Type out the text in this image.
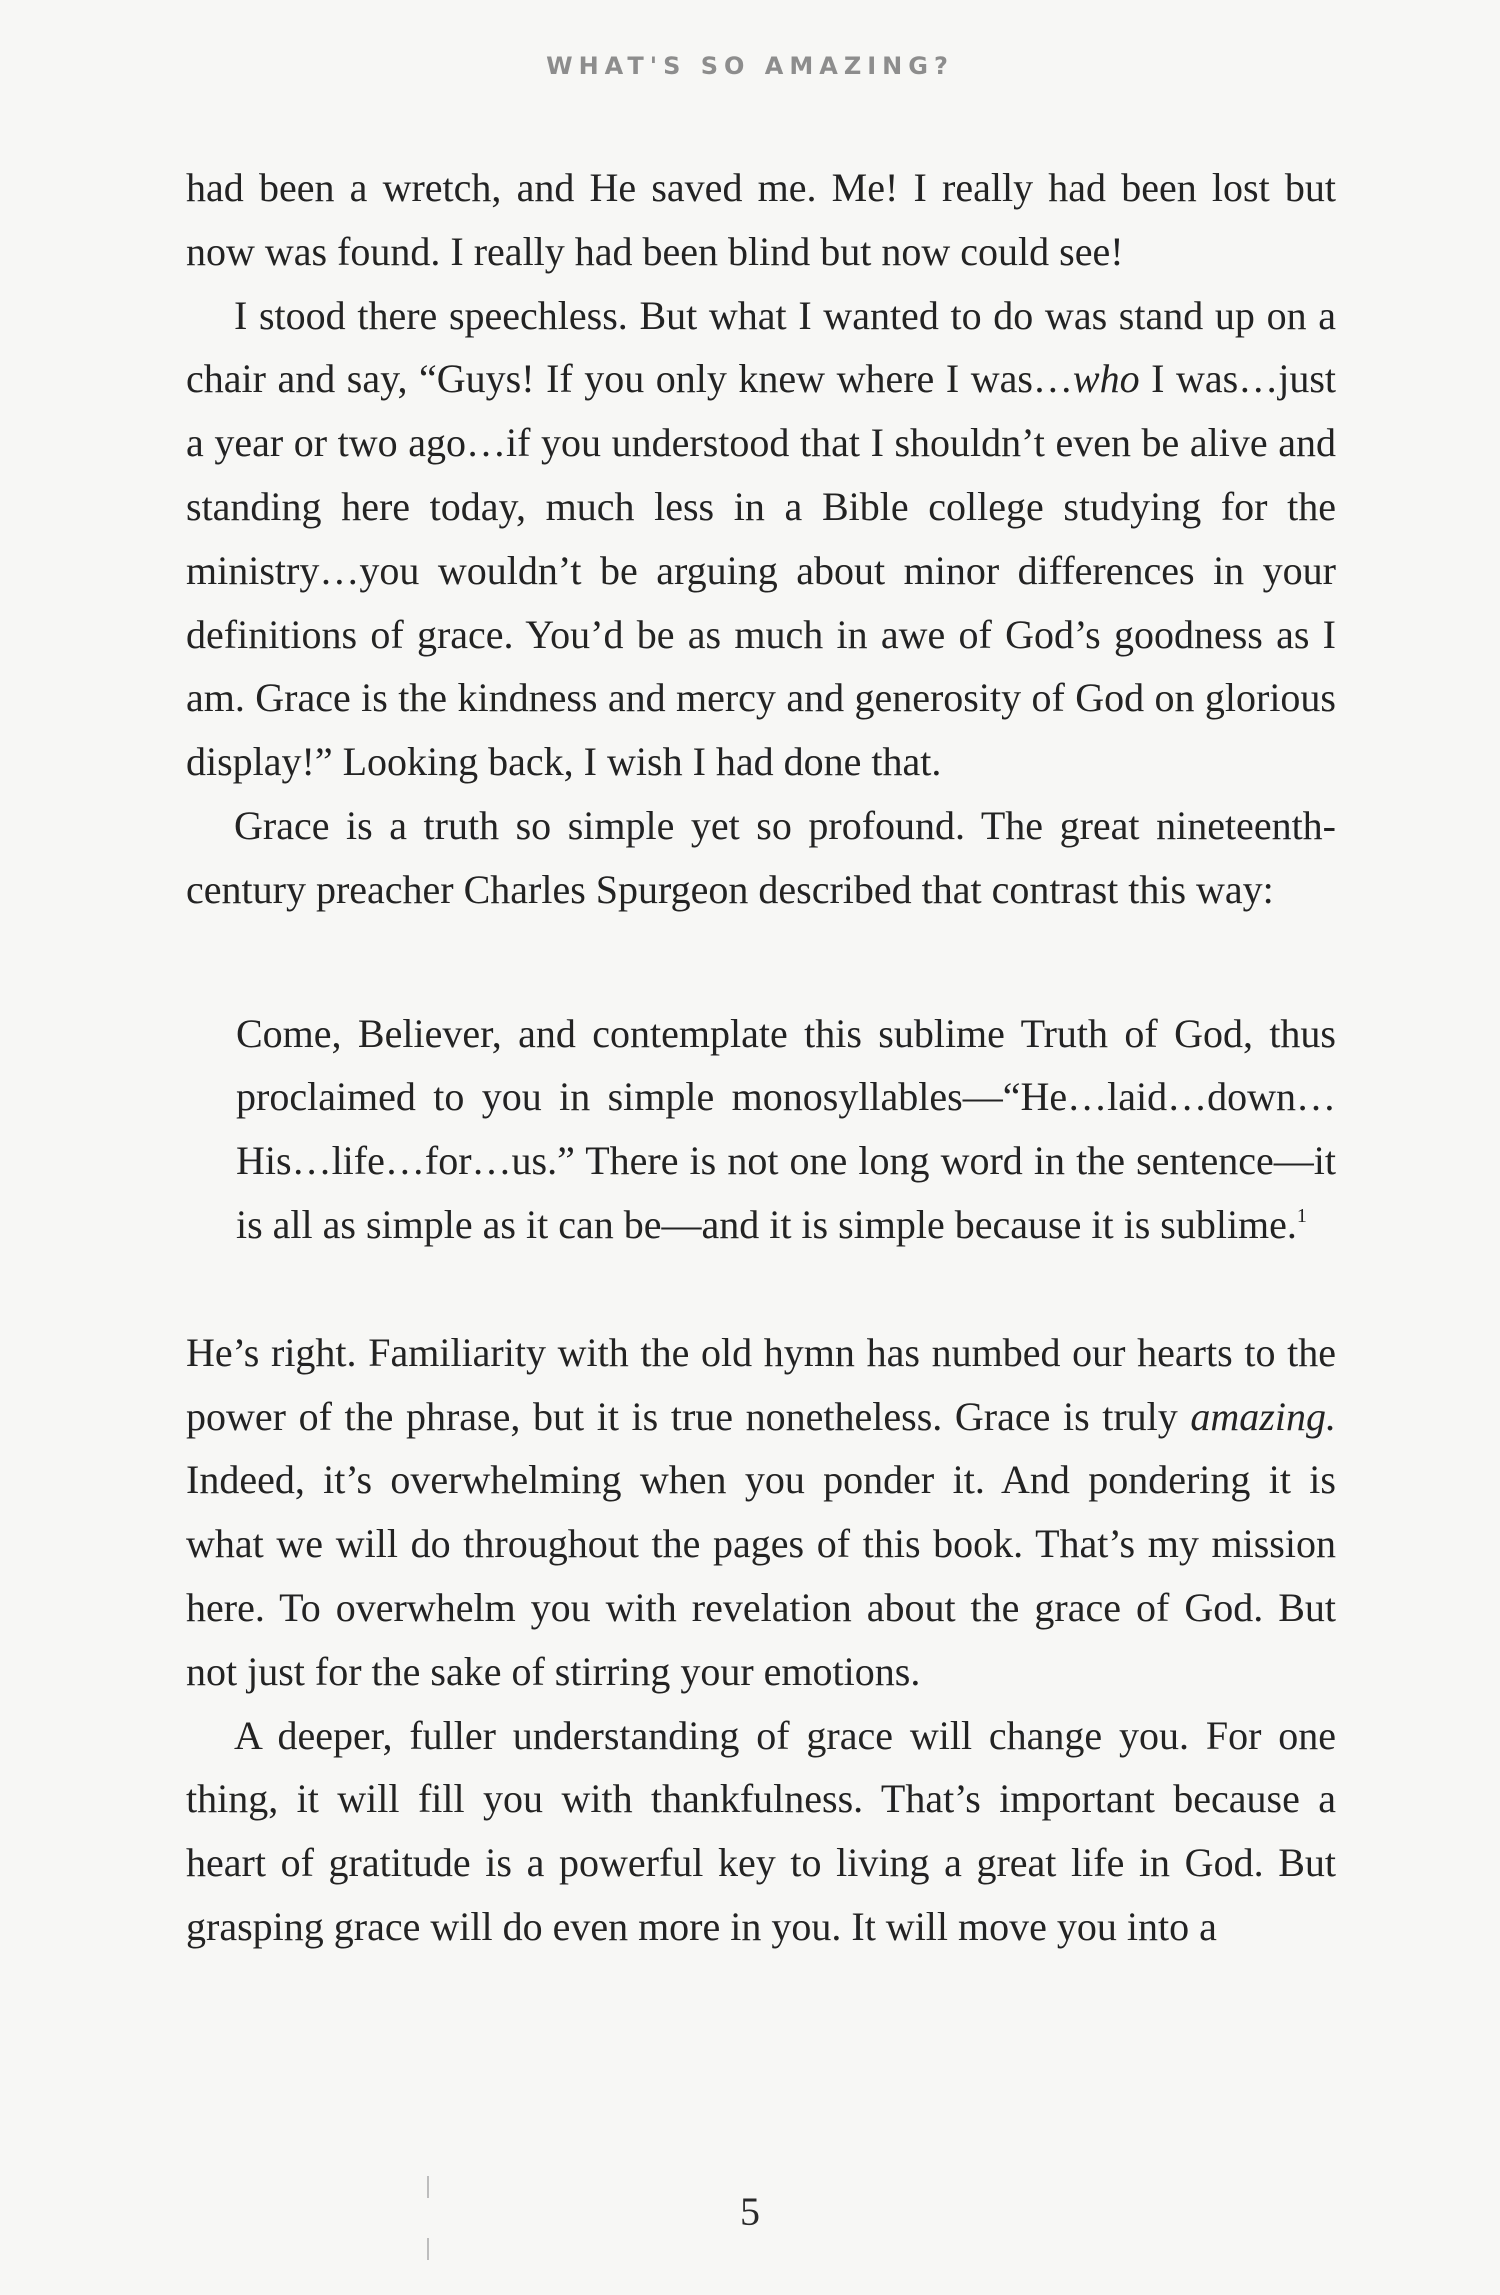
WHAT'S SO AMAZING?

had been a wretch, and He saved me. Me! I really had been lost but now was found. I really had been blind but now could see!

I stood there speechless. But what I wanted to do was stand up on a chair and say, “Guys! If you only knew where I was…who I was…just a year or two ago…if you understood that I shouldn’t even be alive and standing here today, much less in a Bible college studying for the ministry…you wouldn’t be arguing about minor differences in your definitions of grace. You’d be as much in awe of God’s goodness as I am. Grace is the kindness and mercy and generosity of God on glorious display!” Looking back, I wish I had done that.

Grace is a truth so simple yet so profound. The great nineteenth-century preacher Charles Spurgeon described that contrast this way:

Come, Believer, and contemplate this sublime Truth of God, thus proclaimed to you in simple monosyllables—“He…laid…down…His…life…for…us.” There is not one long word in the sentence—it is all as simple as it can be—and it is simple because it is sublime.$^1$

He’s right. Familiarity with the old hymn has numbed our hearts to the power of the phrase, but it is true nonetheless. Grace is truly amazing. Indeed, it’s overwhelming when you ponder it. And pondering it is what we will do throughout the pages of this book. That’s my mission here. To overwhelm you with revelation about the grace of God. But not just for the sake of stirring your emotions.

A deeper, fuller understanding of grace will change you. For one thing, it will fill you with thankfulness. That’s important because a heart of gratitude is a powerful key to living a great life in God. But grasping grace will do even more in you. It will move you into a

5
